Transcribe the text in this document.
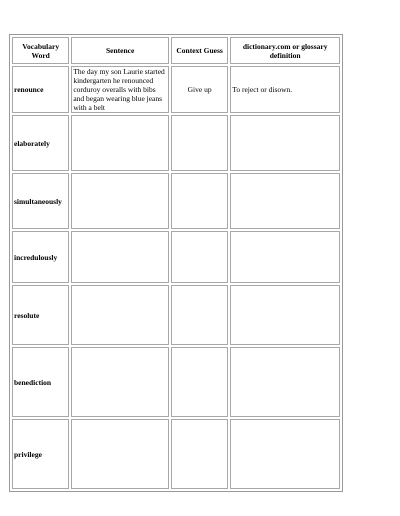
Vocabulary Word	Sentence	Context Guess	dictionary.com or glossary definition
renounce	The day my son Laurie started kindergarten he renounced corduroy overalls with bibs and began wearing blue jeans with a belt	Give up	To reject or disown.
elaborately			
simultaneously			
incredulously			
resolute			
benediction			
privilege			
